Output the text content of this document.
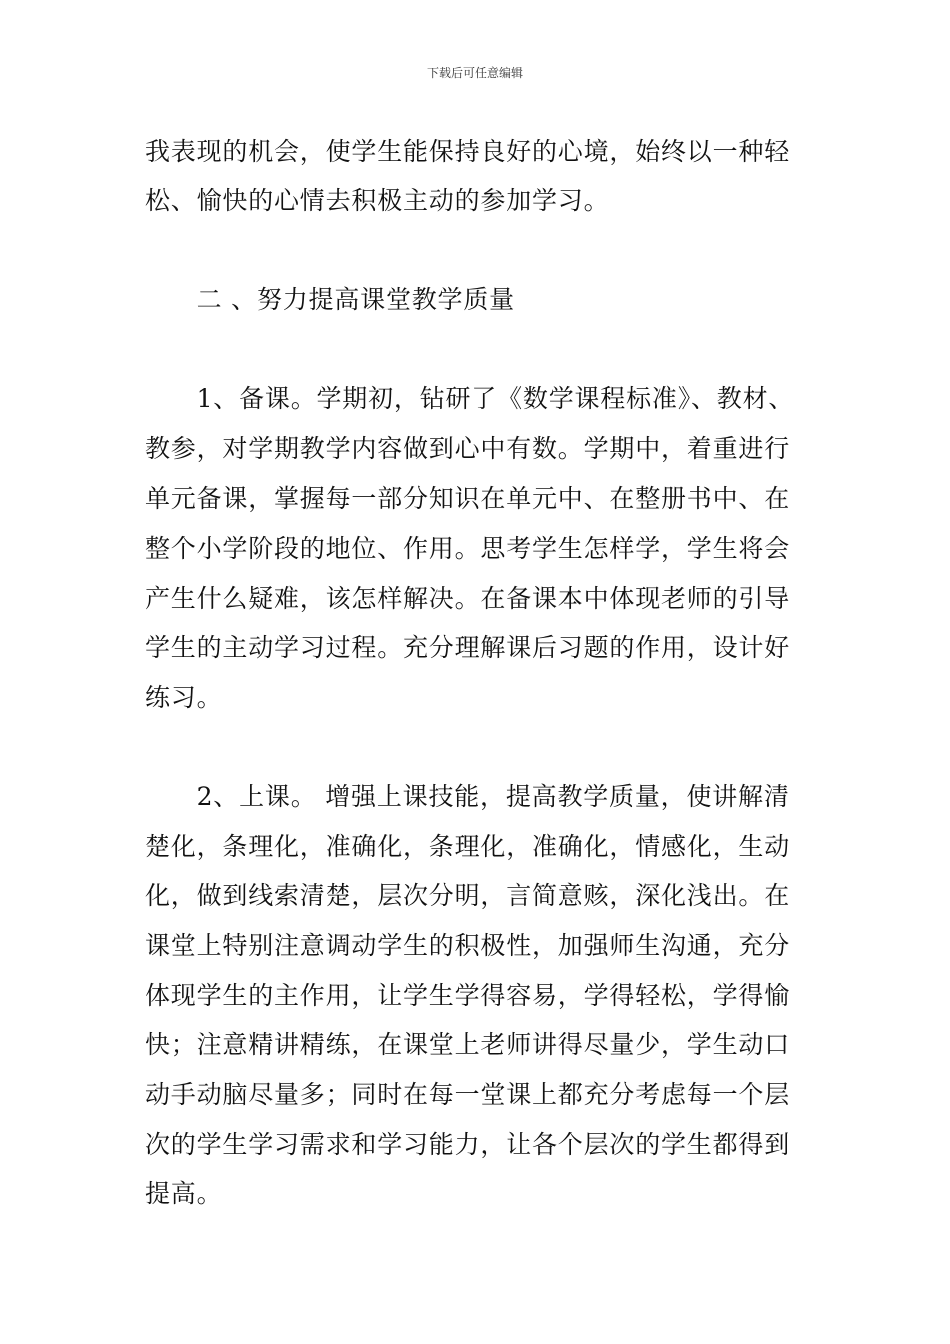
下载后可任意编辑
我表现的机会，使学生能保持良好的心境，始终以一种轻
松、愉快的心情去积极主动的参加学习。
　　二 、努力提高课堂教学质量
　　1、备课。学期初，钻研了《数学课程标准》、教材、
教参，对学期教学内容做到心中有数。学期中，着重进行
单元备课，掌握每一部分知识在单元中、在整册书中、在
整个小学阶段的地位、作用。思考学生怎样学，学生将会
产生什么疑难，该怎样解决。在备课本中体现老师的引导
学生的主动学习过程。充分理解课后习题的作用，设计好
练习。
　　2、上课。 增强上课技能，提高教学质量，使讲解清
楚化，条理化，准确化，条理化，准确化，情感化，生动
化，做到线索清楚，层次分明，言简意赅，深化浅出。在
课堂上特别注意调动学生的积极性，加强师生沟通，充分
体现学生的主作用，让学生学得容易，学得轻松，学得愉
快；注意精讲精练，在课堂上老师讲得尽量少，学生动口
动手动脑尽量多；同时在每一堂课上都充分考虑每一个层
次的学生学习需求和学习能力，让各个层次的学生都得到
提高。
